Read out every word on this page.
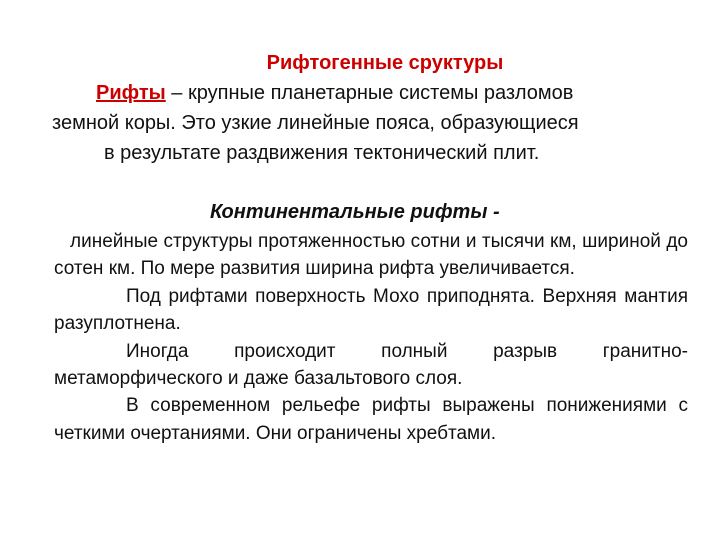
Рифтогенные сруктуры
Рифты – крупные планетарные системы разломов
земной коры. Это узкие линейные пояса, образующиеся
в результате раздвижения тектонический плит.
Континентальные рифты -

линейные структуры протяженностью сотни и тысячи км, шириной до сотен км. По мере развития ширина рифта увеличивается.

Под рифтами поверхность Мохо приподнята. Верхняя мантия разуплотнена.

Иногда происходит полный разрыв гранитно-метаморфического и даже базальтового слоя.

В современном рельефе рифты выражены понижениями с четкими очертаниями. Они ограничены хребтами.
